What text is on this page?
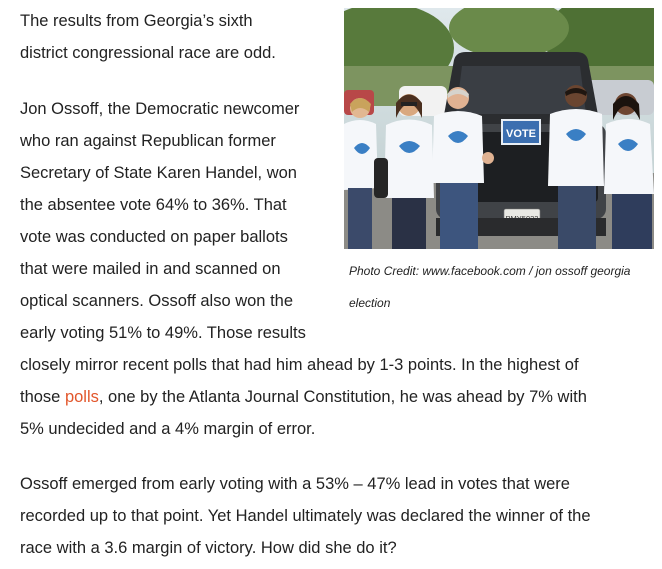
The results from Georgia’s sixth
district congressional race are odd.
Jon Ossoff, the Democratic newcomer
who ran against Republican former
Secretary of State Karen Handel, won
the absentee vote 64% to 36%. That
vote was conducted on paper ballots
that were mailed in and scanned on
optical scanners. Ossoff also won the
early voting 51% to 49%. Those results
closely mirror recent polls that had him ahead by 1-3 points. In the highest of
those polls, one by the Atlanta Journal Constitution, he was ahead by 7% with
5% undecided and a 4% margin of error.
Ossoff emerged from early voting with a 53% – 47% lead in votes that were
recorded up to that point. Yet Handel ultimately was declared the winner of the
race with a 3.6 margin of victory. How did she do it?
VOTE
Photo Credit: www.facebook.com / jon ossoff georgia
election
